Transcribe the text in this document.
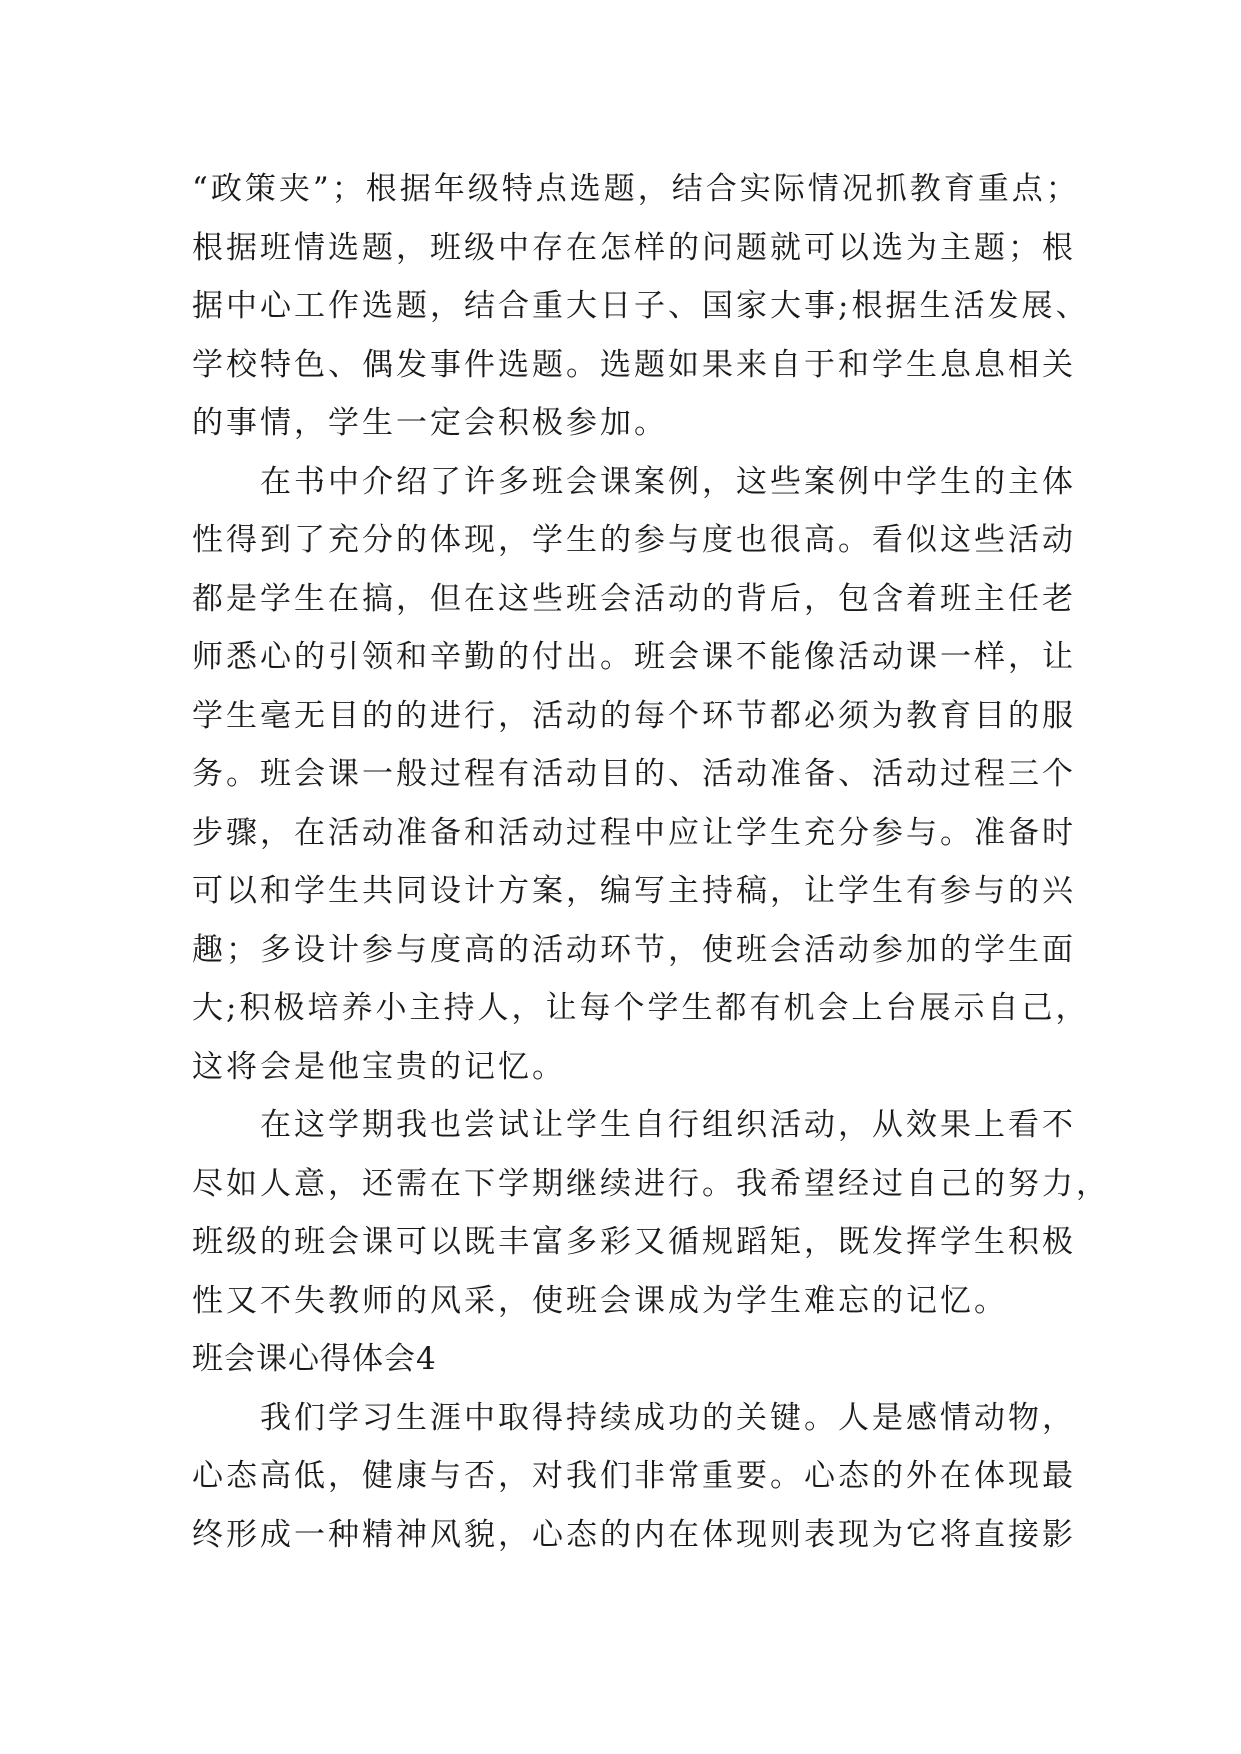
“政策夹”；根据年级特点选题，结合实际情况抓教育重点；
根据班情选题，班级中存在怎样的问题就可以选为主题；根
据中心工作选题，结合重大日子、国家大事;根据生活发展、
学校特色、偶发事件选题。选题如果来自于和学生息息相关
的事情，学生一定会积极参加。
　　在书中介绍了许多班会课案例，这些案例中学生的主体
性得到了充分的体现，学生的参与度也很高。看似这些活动
都是学生在搞，但在这些班会活动的背后，包含着班主任老
师悉心的引领和辛勤的付出。班会课不能像活动课一样，让
学生毫无目的的进行，活动的每个环节都必须为教育目的服
务。班会课一般过程有活动目的、活动准备、活动过程三个
步骤，在活动准备和活动过程中应让学生充分参与。准备时
可以和学生共同设计方案，编写主持稿，让学生有参与的兴
趣；多设计参与度高的活动环节，使班会活动参加的学生面
大;积极培养小主持人，让每个学生都有机会上台展示自己，
这将会是他宝贵的记忆。
　　在这学期我也尝试让学生自行组织活动，从效果上看不
尽如人意，还需在下学期继续进行。我希望经过自己的努力，
班级的班会课可以既丰富多彩又循规蹈矩，既发挥学生积极
性又不失教师的风采，使班会课成为学生难忘的记忆。
班会课心得体会4
　　我们学习生涯中取得持续成功的关键。人是感情动物，
心态高低，健康与否，对我们非常重要。心态的外在体现最
终形成一种精神风貌，心态的内在体现则表现为它将直接影
